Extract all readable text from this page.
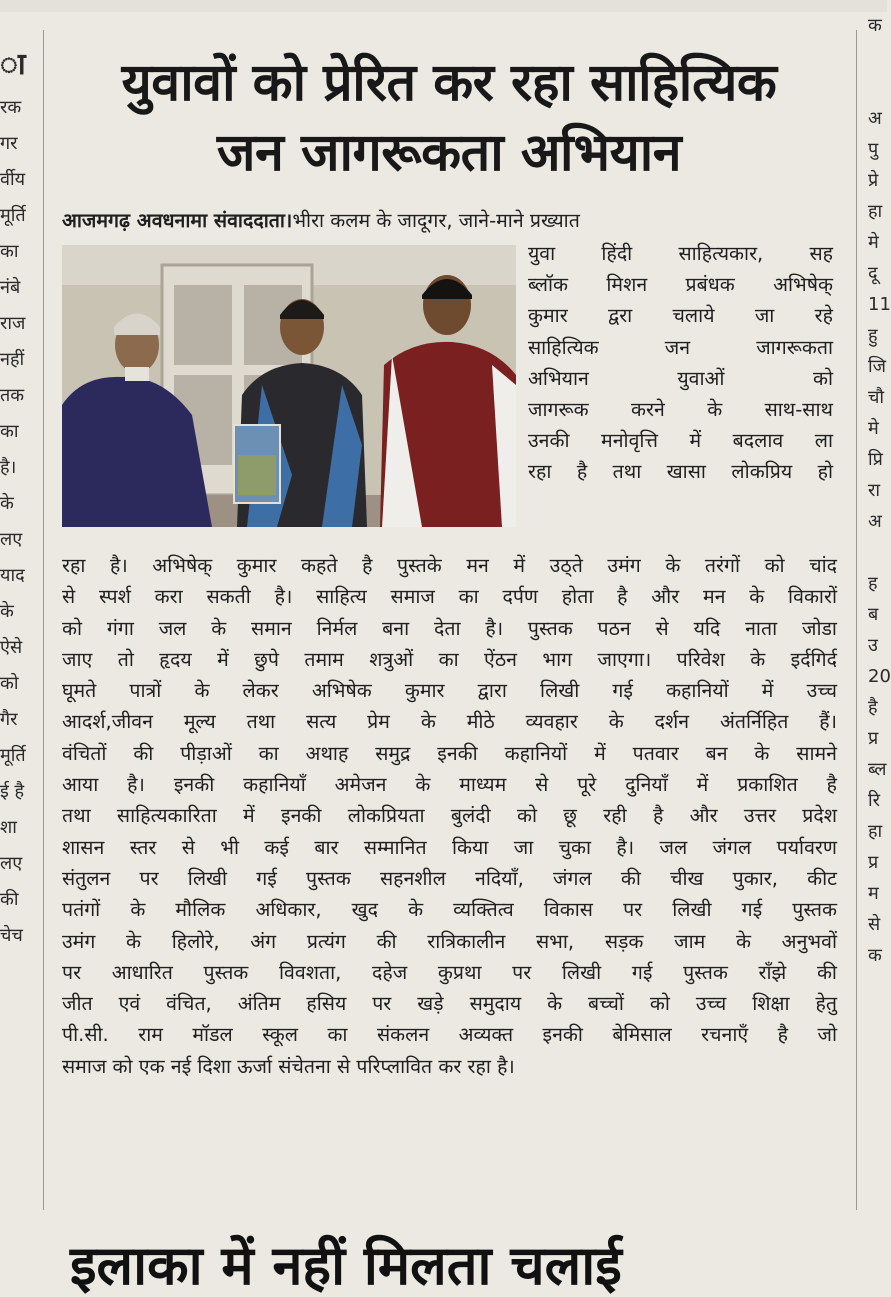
ा
रक
गर
र्वीय
मूर्ति
का
नंबे
राज
नहीं
तक
का
है।
के
लए
याद
के
ऐसे
को
गैर
मूर्ति
ई है
शा
लए
की
चेच
युवावों को प्रेरित कर रहा साहित्यिक
जन जागरूकता अभियान
आजमगढ़ अवधनामा संवाददाता।भीरा कलम के जादूगर, जाने-माने प्रख्यात
युवा हिंदी साहित्यकार, सह
ब्लॉक मिशन प्रबंधक अभिषेक्
कुमार द्वरा चलाये जा रहे
साहित्यिक जन जागरूकता
अभियान युवाओं को
जागरूक करने के साथ-साथ
उनकी मनोवृत्ति में बदलाव ला
रहा है तथा खासा लोकप्रिय हो
रहा है। अभिषेक् कुमार कहते है पुस्तके मन में उठ्ते उमंग के तरंगों को चांद
से स्पर्श करा सकती है। साहित्य समाज का दर्पण होता है और मन के विकारों
को गंगा जल के समान निर्मल बना देता है। पुस्तक पठन से यदि नाता जोडा
जाए तो हृदय में छुपे तमाम शत्रुओं का ऐंठन भाग जाएगा। परिवेश के इर्दगिर्द
घूमते पात्रों के लेकर अभिषेक कुमार द्वारा लिखी गई कहानियों में उच्च
आदर्श,जीवन मूल्य तथा सत्य प्रेम के मीठे व्यवहार के दर्शन अंतर्निहित हैं।
वंचितों की पीड़ाओं का अथाह समुद्र इनकी कहानियों में पतवार बन के सामने
आया है। इनकी कहानियाँ अमेजन के माध्यम से पूरे दुनियाँ में प्रकाशित है
तथा साहित्यकारिता में इनकी लोकप्रियता बुलंदी को छू रही है और उत्तर प्रदेश
शासन स्तर से भी कई बार सम्मानित किया जा चुका है। जल जंगल पर्यावरण
संतुलन पर लिखी गई पुस्तक सहनशील नदियाँ, जंगल की चीख पुकार, कीट
पतंगों के मौलिक अधिकार, खुद के व्यक्तित्व विकास पर लिखी गई पुस्तक
उमंग के हिलोरे, अंग प्रत्यंग की रात्रिकालीन सभा, सड़क जाम के अनुभवों
पर आधारित पुस्तक विवशता, दहेज कुप्रथा पर लिखी गई पुस्तक राँझे की
जीत एवं वंचित, अंतिम हसिय पर खड़े समुदाय के बच्चों को उच्च शिक्षा हेतु
पी.सी. राम मॉडल स्कूल का संकलन अव्यक्त इनकी बेमिसाल रचनाएँ है जो
समाज को एक नई दिशा ऊर्जा संचेतना से परिप्लावित कर रहा है।
क

अ
पु
प्रे
हा
मे
दू
11
हु
जि
चौ
मे
प्रि
रा
अ

ह
ब
उ
20
है
प्र
ब्ल
रि
हा
प्र
म
से
क
इलाका में नहीं मिलता चलाई
